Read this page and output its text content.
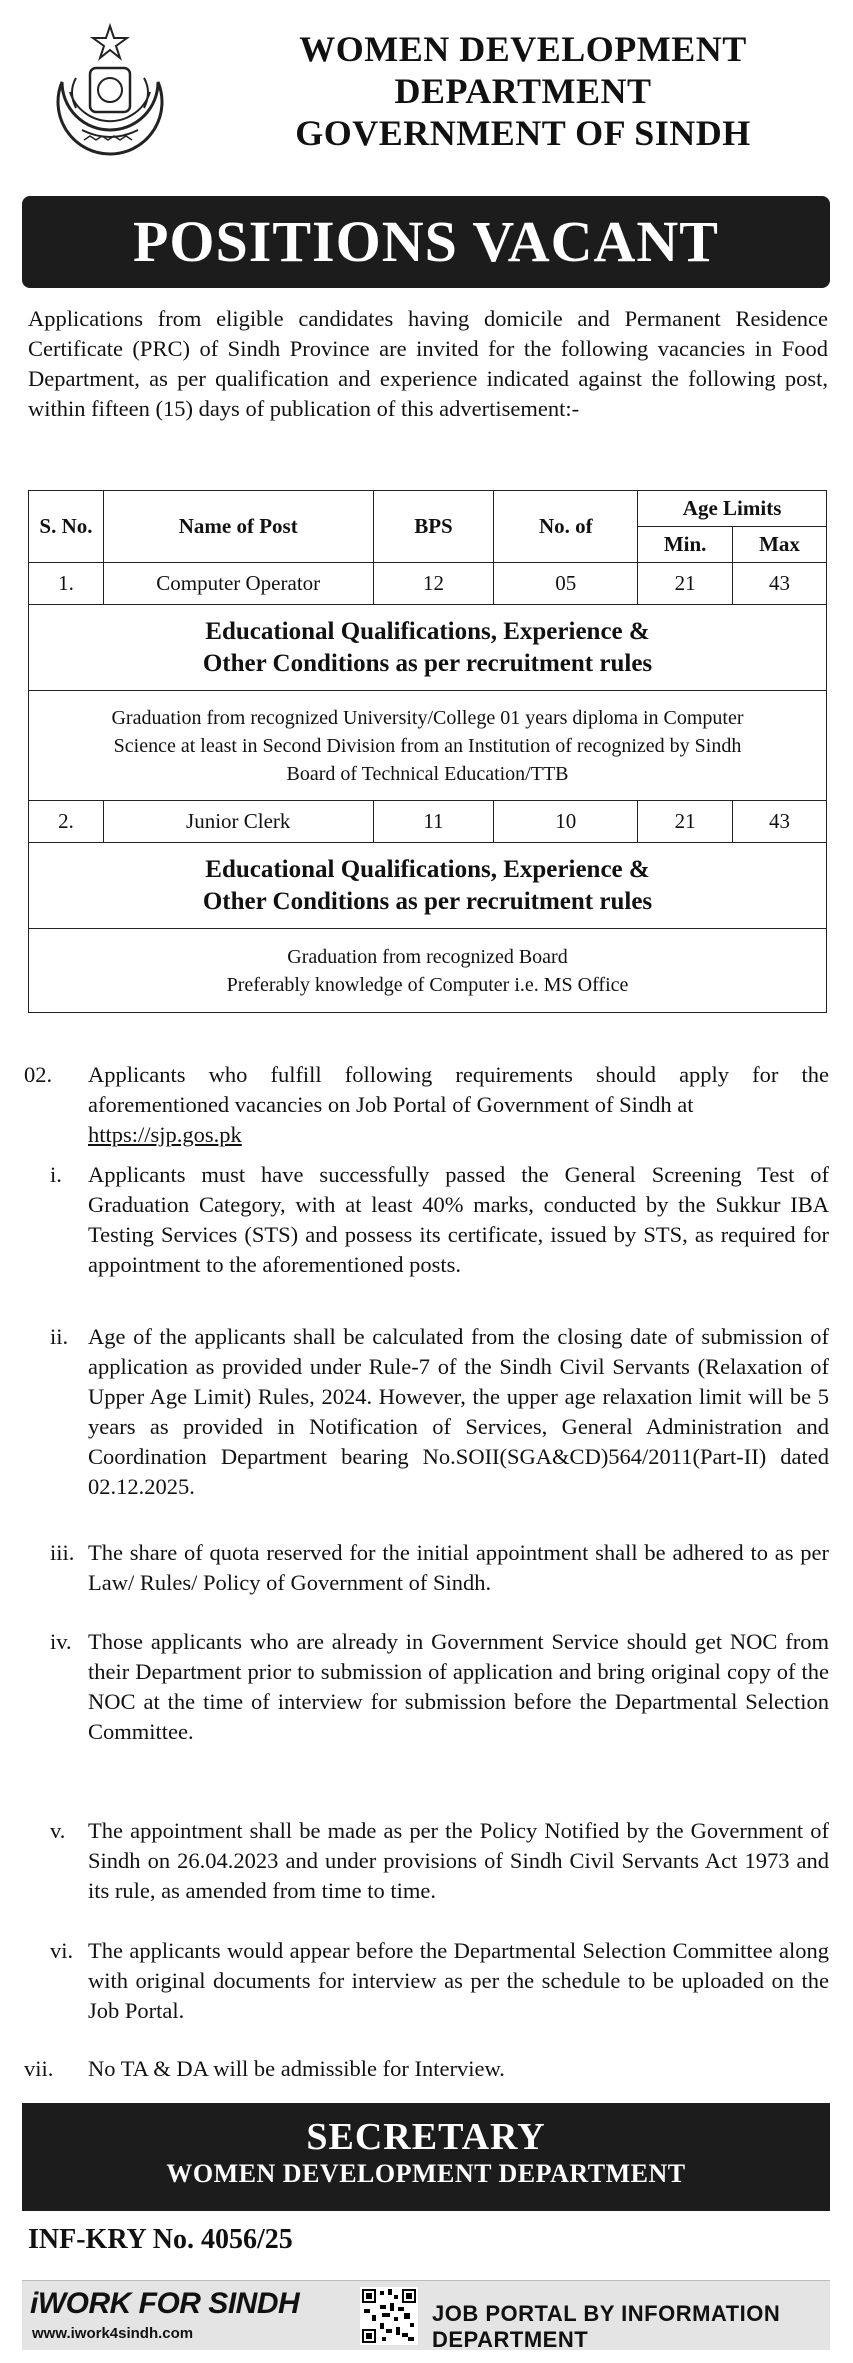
WOMEN DEVELOPMENT
DEPARTMENT
GOVERNMENT OF SINDH
POSITIONS VACANT

Applications from eligible candidates having domicile and Permanent Residence Certificate (PRC) of Sindh Province are invited for the following vacancies in Food Department, as per qualification and experience indicated against the following post, within fifteen (15) days of publication of this advertisement:-

S. No.	Name of Post	BPS	No. of	Age Limits	
				Min.	Max
1.	Computer Operator	12	05	21	43

Educational Qualifications, Experience &
Other Conditions as per recruitment rules					

Graduation from recognized University/College 01 years diploma in Computer
Science at least in Second Division from an Institution of recognized by Sindh
Board of Technical Education/TTB					

2.	Junior Clerk	11	10	21	43

Educational Qualifications, Experience &
Other Conditions as per recruitment rules					

Graduation from recognized Board
Preferably knowledge of Computer i.e. MS Office					
02.	Applicants who fulfill following requirements should apply for the aforementioned vacancies on Job Portal of Government of Sindh at
https://sjp.gos.pk
i.	Applicants must have successfully passed the General Screening Test of Graduation Category, with at least 40% marks, conducted by the Sukkur IBA Testing Services (STS) and possess its certificate, issued by STS, as required for appointment to the aforementioned posts.
ii. Age of the applicants shall be calculated from the closing date of submission of application as provided under Rule-7 of the Sindh Civil Servants (Relaxation of Upper Age Limit) Rules, 2024. However, the upper age relaxation limit will be 5 years as provided in Notification of Services, General Administration and Coordination Department bearing No.SOII(SGA&CD)564/2011(Part-II) dated 02.12.2025.
iii. The share of quota reserved for the initial appointment shall be adhered to as per Law/ Rules/ Policy of Government of Sindh.
iv. Those applicants who are already in Government Service should get NOC from their Department prior to submission of application and bring original copy of the NOC at the time of interview for submission before the Departmental Selection Committee.
v.	The appointment shall be made as per the Policy Notified by the Government of Sindh on 26.04.2023 and under provisions of Sindh Civil Servants Act 1973 and its rule, as amended from time to time.
vi. The applicants would appear before the Departmental Selection Committee along with original documents for interview as per the schedule to be uploaded on the Job Portal.
vii.	No TA & DA will be admissible for Interview.
SECRETARY
WOMEN DEVELOPMENT DEPARTMENT
INF-KRY No. 4056/25
iWORK FOR SINDH
www.iwork4sindh.com
JOB PORTAL BY INFORMATION DEPARTMENT
